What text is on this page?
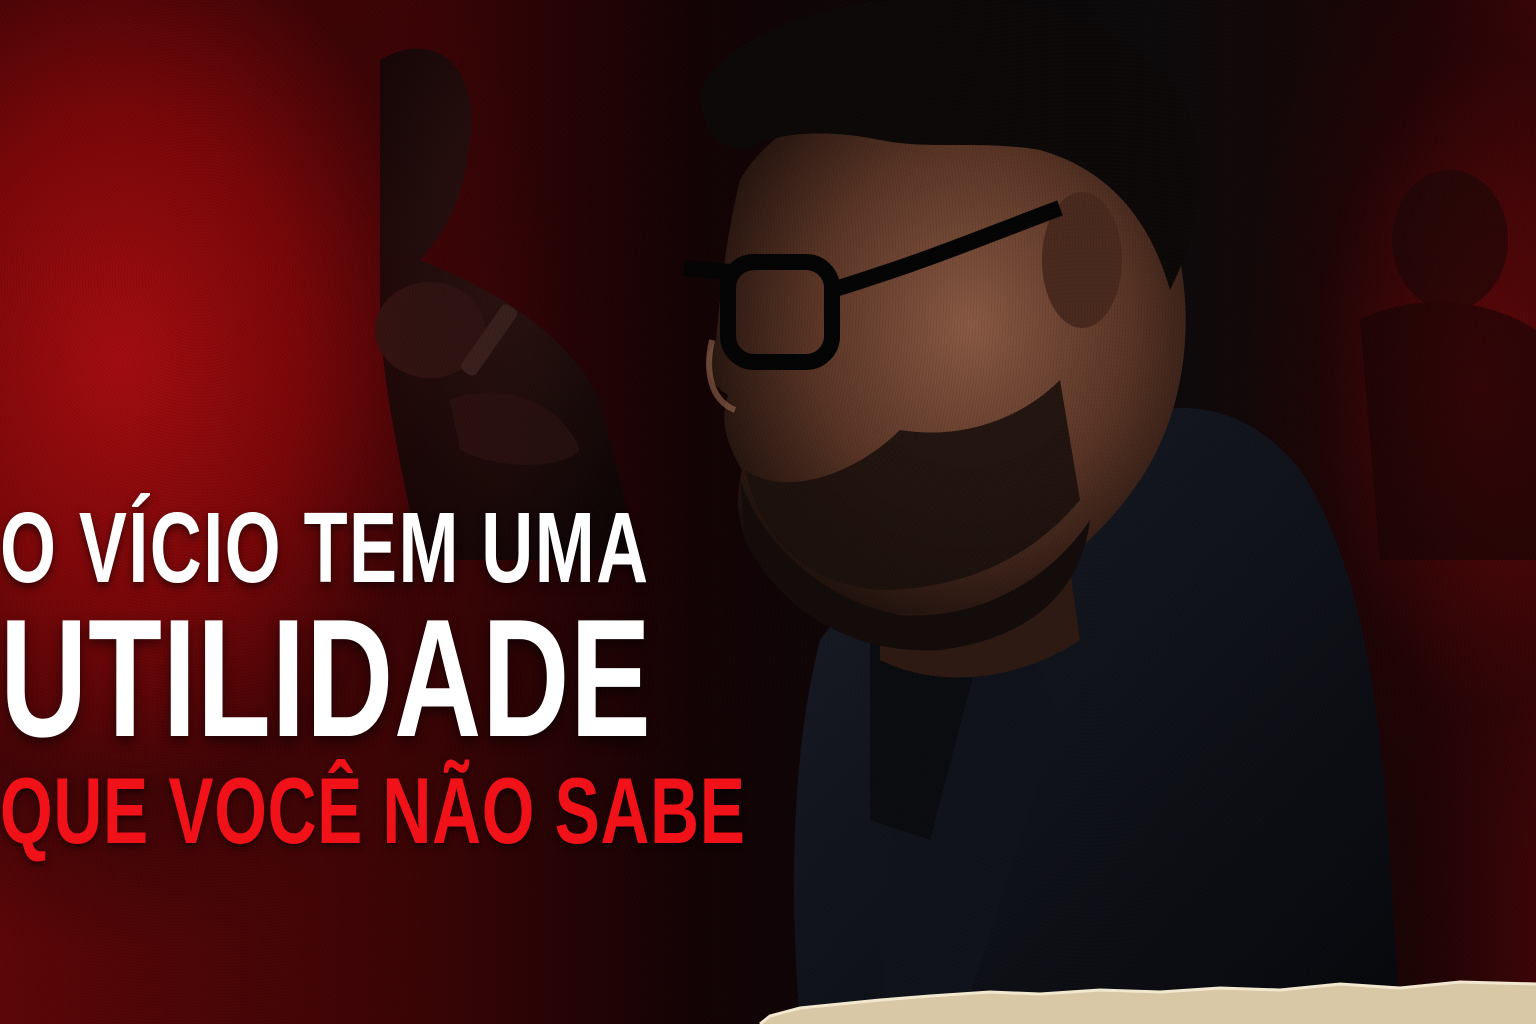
O VÍCIO TEM UMA
UTILIDADE
QUE VOCÊ NÃO SABE
